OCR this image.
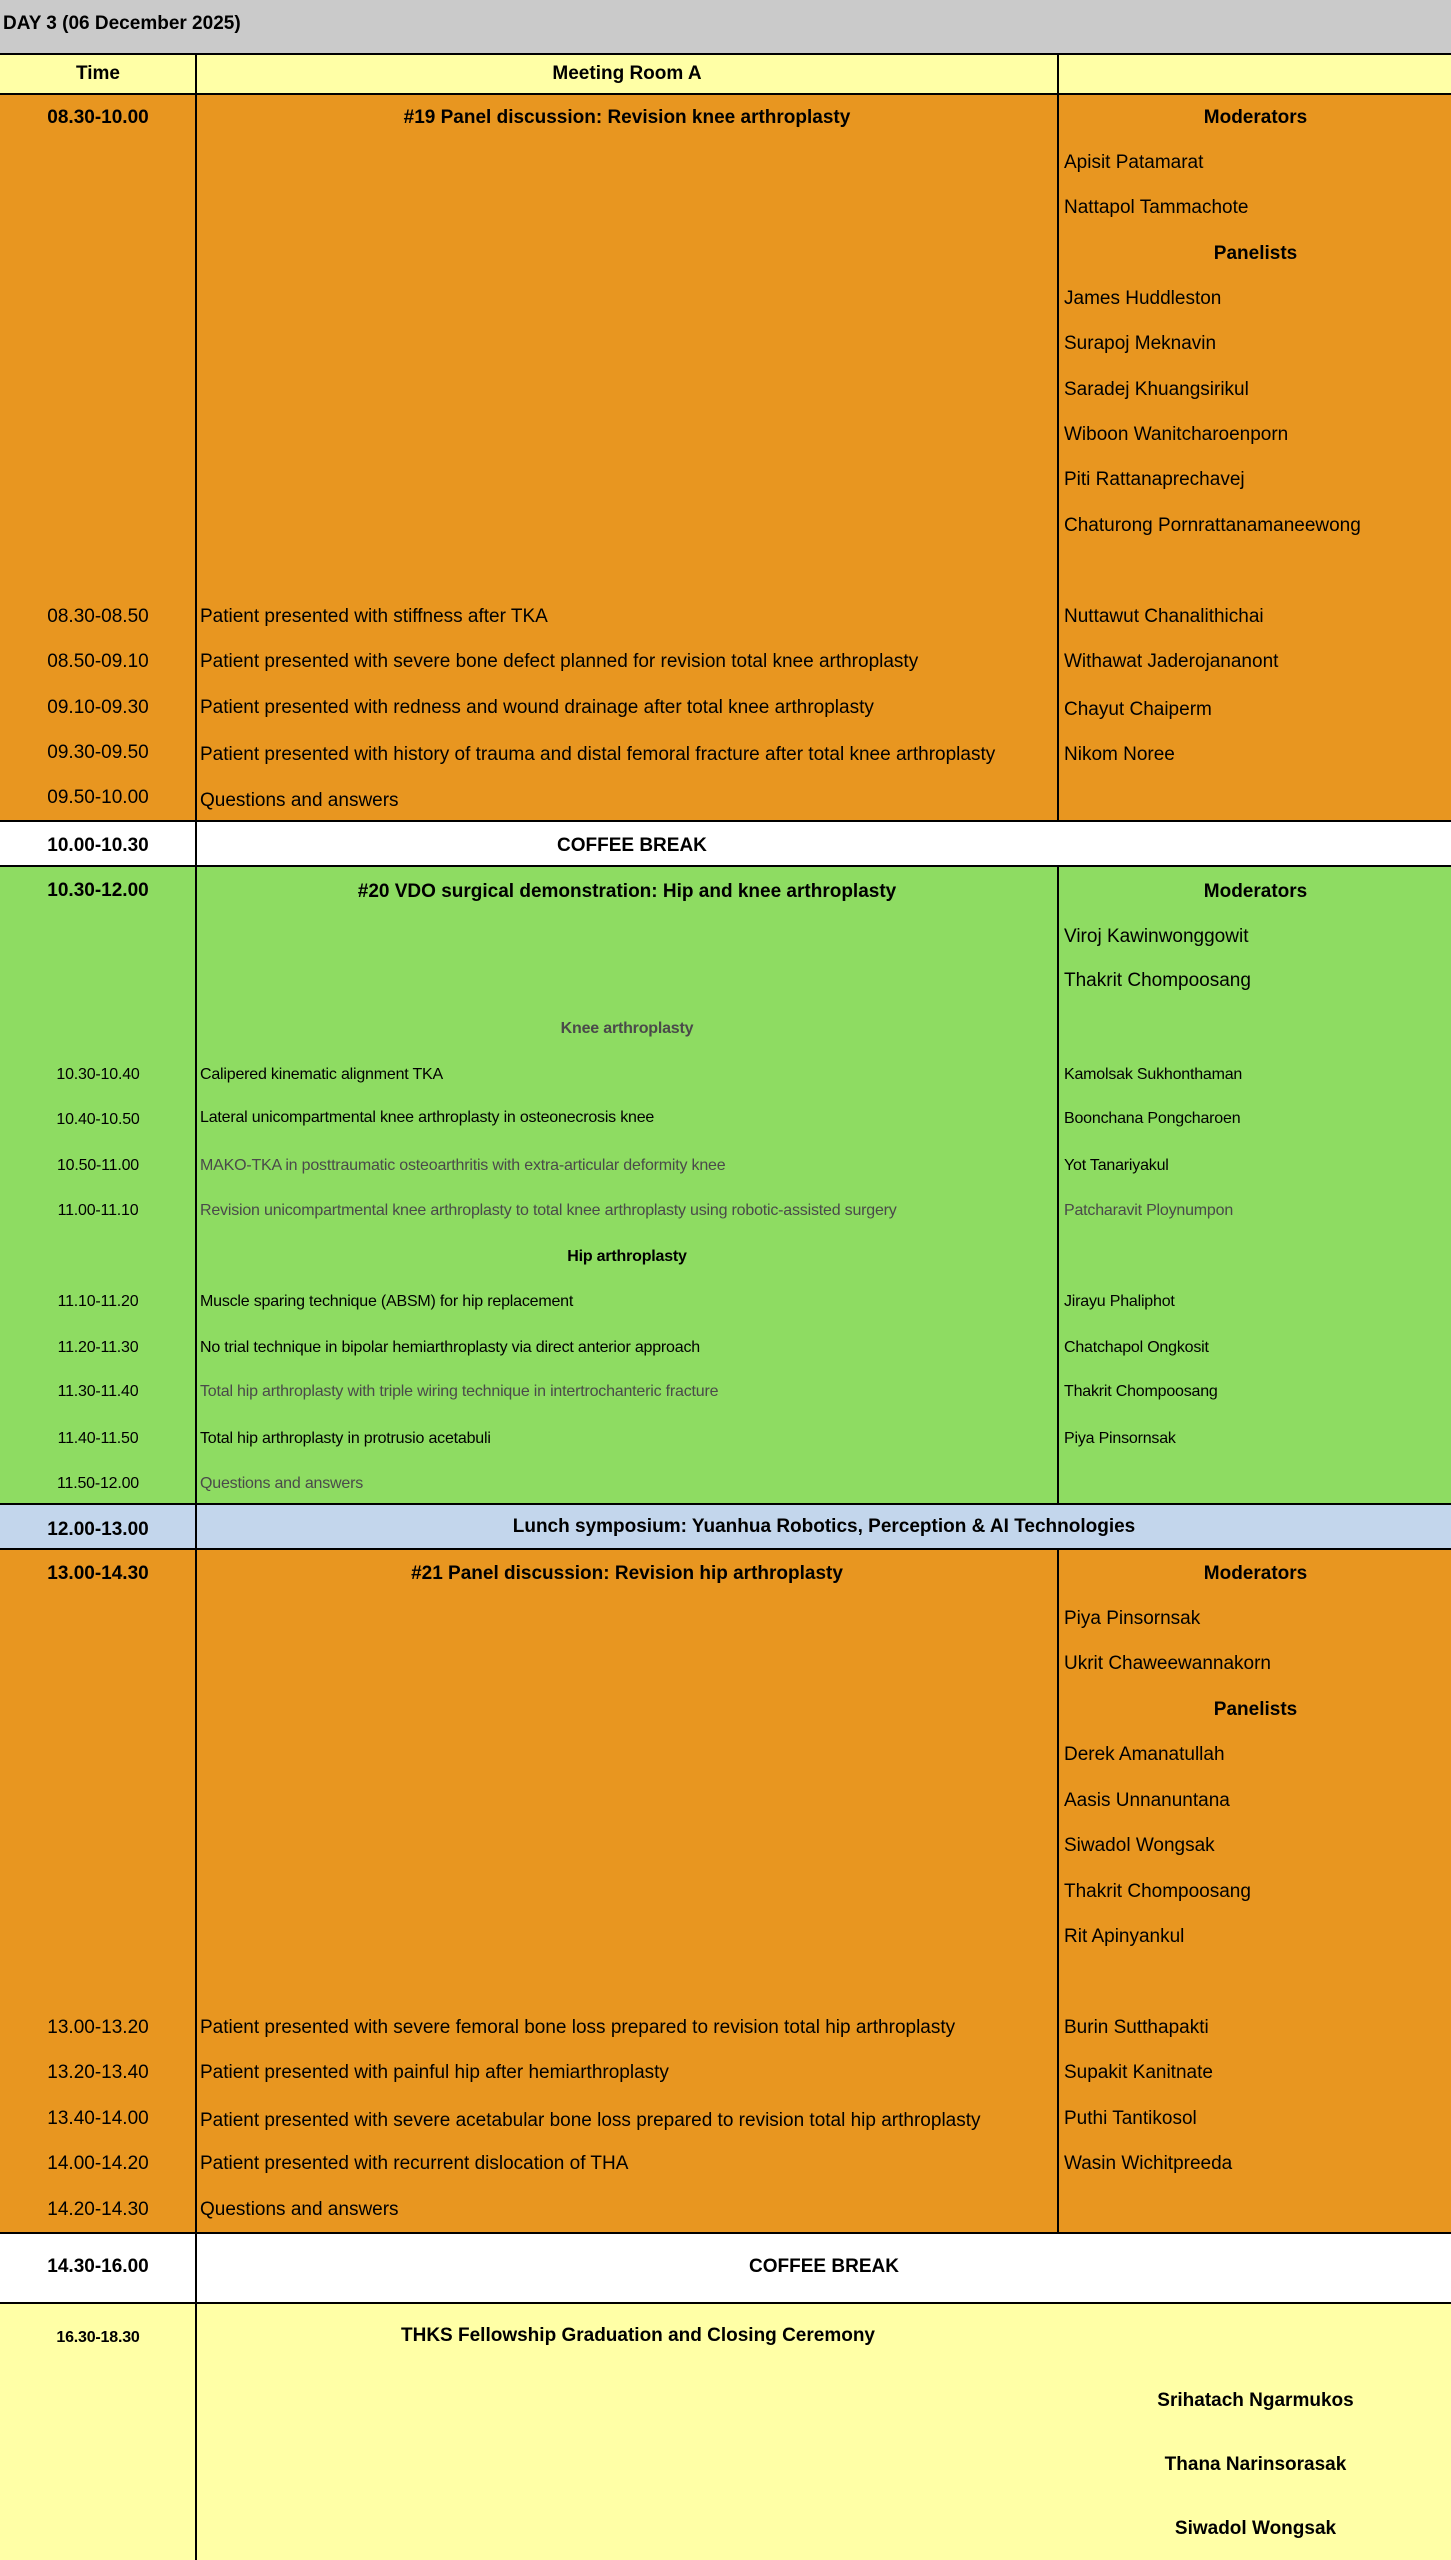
DAY 3 (06 December 2025)
Time	Meeting Room A
08.30-10.00	#19 Panel discussion: Revision knee arthroplasty	Moderators
Apisit Patamarat
Nattapol Tammachote
Panelists
James Huddleston
Surapoj Meknavin
Saradej Khuangsirikul
Wiboon Wanitcharoenporn
Piti Rattanaprechavej
Chaturong Pornrattanamaneewong
08.30-08.50	Patient presented with stiffness after TKA	Nuttawut Chanalithichai
08.50-09.10	Patient presented with severe bone defect planned for revision total knee arthroplasty	Withawat Jaderojananont
09.10-09.30	Patient presented with redness and wound drainage after total knee arthroplasty	Chayut Chaiperm
09.30-09.50	Patient presented with history of trauma and distal femoral fracture after total knee arthroplasty	Nikom Noree
09.50-10.00	Questions and answers
10.00-10.30	COFFEE BREAK
10.30-12.00	#20 VDO surgical demonstration: Hip and knee arthroplasty	Moderators
Viroj Kawinwonggowit
Thakrit Chompoosang
Knee arthroplasty
10.30-10.40	Calipered kinematic alignment TKA	Kamolsak Sukhonthaman
10.40-10.50	Lateral unicompartmental knee arthroplasty in osteonecrosis knee	Boonchana Pongcharoen
10.50-11.00	MAKO-TKA in posttraumatic osteoarthritis with extra-articular deformity knee	Yot Tanariyakul
11.00-11.10	Revision unicompartmental knee arthroplasty to total knee arthroplasty using robotic-assisted surgery	Patcharavit Ploynumpon
Hip arthroplasty
11.10-11.20	Muscle sparing technique (ABSM) for hip replacement	Jirayu Phaliphot
11.20-11.30	No trial technique in bipolar hemiarthroplasty via direct anterior approach	Chatchapol Ongkosit
11.30-11.40	Total hip arthroplasty with triple wiring technique in intertrochanteric fracture	Thakrit Chompoosang
11.40-11.50	Total hip arthroplasty in protrusio acetabuli	Piya Pinsornsak
11.50-12.00	Questions and answers
12.00-13.00	Lunch symposium: Yuanhua Robotics, Perception & AI Technologies
13.00-14.30	#21 Panel discussion: Revision hip arthroplasty	Moderators
Piya Pinsornsak
Ukrit Chaweewannakorn
Panelists
Derek Amanatullah
Aasis Unnanuntana
Siwadol Wongsak
Thakrit Chompoosang
Rit Apinyankul
13.00-13.20	Patient presented with severe femoral bone loss prepared to revision total hip arthroplasty	Burin Sutthapakti
13.20-13.40	Patient presented with painful hip after hemiarthroplasty	Supakit Kanitnate
13.40-14.00	Patient presented with severe acetabular bone loss prepared to revision total hip arthroplasty	Puthi Tantikosol
14.00-14.20	Patient presented with recurrent dislocation of THA	Wasin Wichitpreeda
14.20-14.30	Questions and answers
14.30-16.00	COFFEE BREAK
16.30-18.30	THKS Fellowship Graduation and Closing Ceremony
Srihatach Ngarmukos
Thana Narinsorasak
Siwadol Wongsak
